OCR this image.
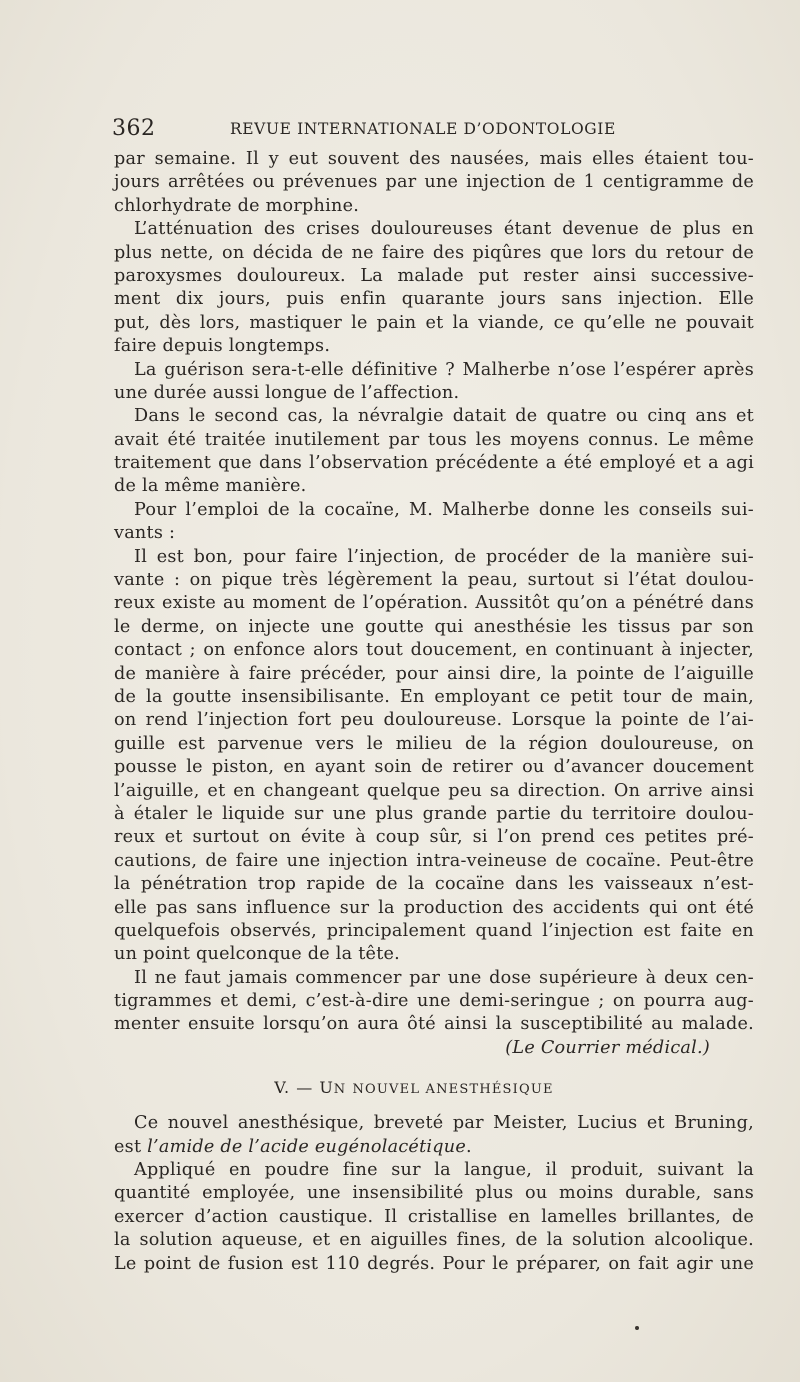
362	REVUE INTERNATIONALE D’ODONTOLOGIE
par semaine. Il y eut souvent des nausées, mais elles étaient tou-
jours arrêtées ou prévenues par une injection de 1 centigramme de
chlorhydrate de morphine.
L’atténuation des crises douloureuses étant devenue de plus en
plus nette, on décida de ne faire des piqûres que lors du retour de
paroxysmes douloureux. La malade put rester ainsi successive-
ment dix jours, puis enfin quarante jours sans injection. Elle
put, dès lors, mastiquer le pain et la viande, ce qu’elle ne pouvait
faire depuis longtemps.
La guérison sera-t-elle définitive ? Malherbe n’ose l’espérer après
une durée aussi longue de l’affection.
Dans le second cas, la névralgie datait de quatre ou cinq ans et
avait été traitée inutilement par tous les moyens connus. Le même
traitement que dans l’observation précédente a été employé et a agi
de la même manière.
Pour l’emploi de la cocaïne, M. Malherbe donne les conseils sui-
vants :
Il est bon, pour faire l’injection, de procéder de la manière sui-
vante : on pique très légèrement la peau, surtout si l’état doulou-
reux existe au moment de l’opération. Aussitôt qu’on a pénétré dans
le derme, on injecte une goutte qui anesthésie les tissus par son
contact ; on enfonce alors tout doucement, en continuant à injecter,
de manière à faire précéder, pour ainsi dire, la pointe de l’aiguille
de la goutte insensibilisante. En employant ce petit tour de main,
on rend l’injection fort peu douloureuse. Lorsque la pointe de l’ai-
guille est parvenue vers le milieu de la région douloureuse, on
pousse le piston, en ayant soin de retirer ou d’avancer doucement
l’aiguille, et en changeant quelque peu sa direction. On arrive ainsi
à étaler le liquide sur une plus grande partie du territoire doulou-
reux et surtout on évite à coup sûr, si l’on prend ces petites pré-
cautions, de faire une injection intra-veineuse de cocaïne. Peut-être
la pénétration trop rapide de la cocaïne dans les vaisseaux n’est-
elle pas sans influence sur la production des accidents qui ont été
quelquefois observés, principalement quand l’injection est faite en
un point quelconque de la tête.
Il ne faut jamais commencer par une dose supérieure à deux cen-
tigrammes et demi, c’est-à-dire une demi-seringue ; on pourra aug-
menter ensuite lorsqu’on aura ôté ainsi la susceptibilité au malade.
(Le Courrier médical.)
V. — UN NOUVEL ANESTHÉSIQUE
Ce nouvel anesthésique, breveté par Meister, Lucius et Bruning,
est l’amide de l’acide eugénolacétique.
Appliqué en poudre fine sur la langue, il produit, suivant la
quantité employée, une insensibilité plus ou moins durable, sans
exercer d’action caustique. Il cristallise en lamelles brillantes, de
la solution aqueuse, et en aiguilles fines, de la solution alcoolique.
Le point de fusion est 110 degrés. Pour le préparer, on fait agir une
